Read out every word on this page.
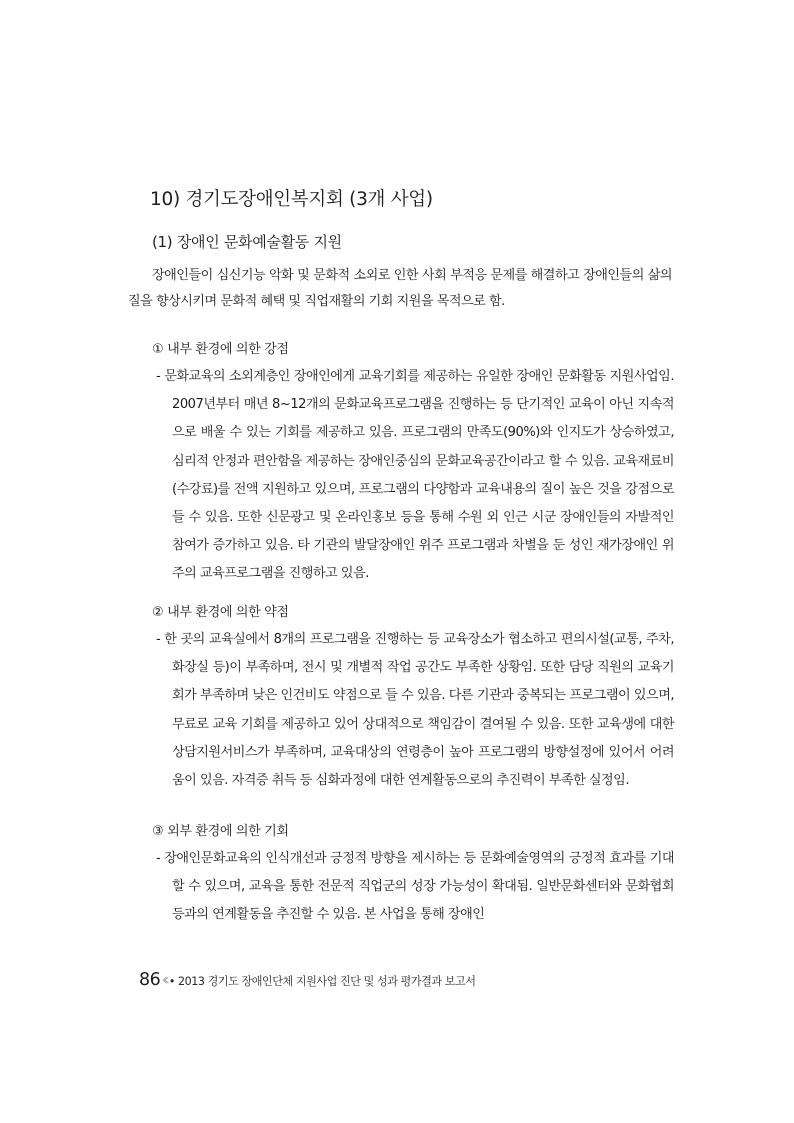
10) 경기도장애인복지회 (3개 사업)
(1) 장애인 문화예술활동 지원

장애인들이 심신기능 악화 및 문화적 소외로 인한 사회 부적응 문제를 해결하고 장애인들의 삶의 질을 향상시키며 문화적 혜택 및 직업재활의 기회 지원을 목적으로 함.

① 내부 환경에 의한 강점

- 문화교육의 소외계층인 장애인에게 교육기회를 제공하는 유일한 장애인 문화활동 지원사업임. 2007년부터 매년 8~12개의 문화교육프로그램을 진행하는 등 단기적인 교육이 아닌 지속적으로 배울 수 있는 기회를 제공하고 있음. 프로그램의 만족도(90%)와 인지도가 상승하였고, 심리적 안정과 편안함을 제공하는 장애인중심의 문화교육공간이라고 할 수 있음. 교육재료비(수강료)를 전액 지원하고 있으며, 프로그램의 다양함과 교육내용의 질이 높은 것을 강점으로 들 수 있음. 또한 신문광고 및 온라인홍보 등을 통해 수원 외 인근 시군 장애인들의 자발적인 참여가 증가하고 있음. 타 기관의 발달장애인 위주 프로그램과 차별을 둔 성인 재가장애인 위주의 교육프로그램을 진행하고 있음.

② 내부 환경에 의한 약점

- 한 곳의 교육실에서 8개의 프로그램을 진행하는 등 교육장소가 협소하고 편의시설(교통, 주차, 화장실 등)이 부족하며, 전시 및 개별적 작업 공간도 부족한 상황임. 또한 담당 직원의 교육기회가 부족하며 낮은 인건비도 약점으로 들 수 있음. 다른 기관과 중복되는 프로그램이 있으며, 무료로 교육 기회를 제공하고 있어 상대적으로 책임감이 결여될 수 있음. 또한 교육생에 대한 상담지원서비스가 부족하며, 교육대상의 연령층이 높아 프로그램의 방향설정에 있어서 어려움이 있음. 자격증 취득 등 심화과정에 대한 연계활동으로의 추진력이 부족한 실정임.

③ 외부 환경에 의한 기회

- 장애인문화교육의 인식개선과 긍정적 방향을 제시하는 등 문화예술영역의 긍정적 효과를 기대할 수 있으며, 교육을 통한 전문적 직업군의 성장 가능성이 확대됨. 일반문화센터와 문화협회 등과의 연계활동을 추진할 수 있음. 본 사업을 통해 장애인

86 ‹‹ • 2013 경기도 장애인단체 지원사업 진단 및 성과 평가결과 보고서
